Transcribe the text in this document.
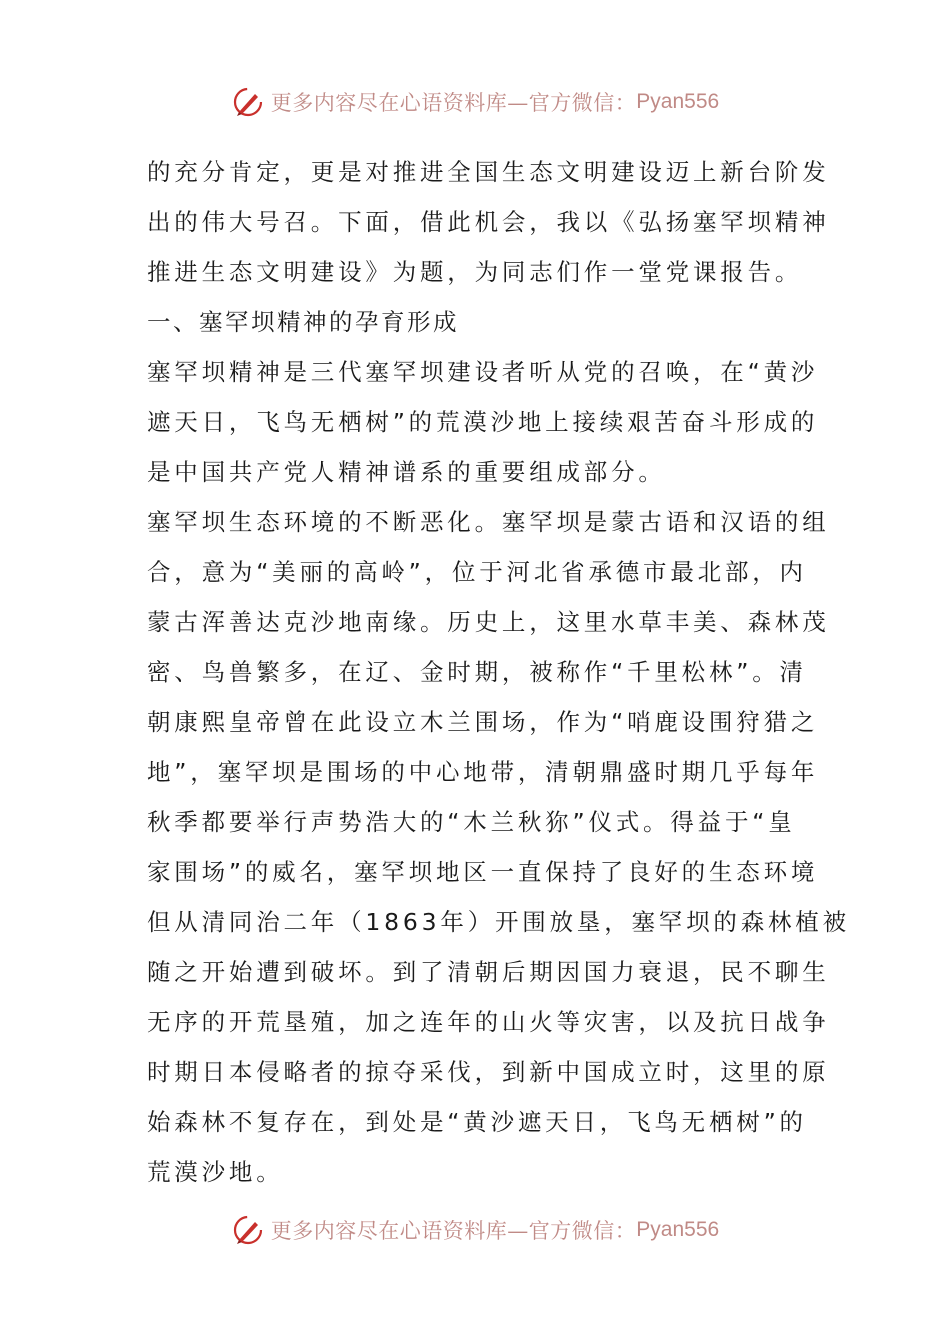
更多内容尽在心语资料库—官方微信： Pyan556
的充分肯定，更是对推进全国生态文明建设迈上新台阶发
出的伟大号召。下面，借此机会，我以《弘扬塞罕坝精神
推进生态文明建设》为题，为同志们作一堂党课报告。
一、塞罕坝精神的孕育形成
塞罕坝精神是三代塞罕坝建设者听从党的召唤，在“黄沙
遮天日，飞鸟无栖树”的荒漠沙地上接续艰苦奋斗形成的
是中国共产党人精神谱系的重要组成部分。
塞罕坝生态环境的不断恶化。塞罕坝是蒙古语和汉语的组
合，意为“美丽的高岭”，位于河北省承德市最北部，内
蒙古浑善达克沙地南缘。历史上，这里水草丰美、森林茂
密、鸟兽繁多，在辽、金时期，被称作“千里松林”。清
朝康熙皇帝曾在此设立木兰围场，作为“哨鹿设围狩猎之
地”，塞罕坝是围场的中心地带，清朝鼎盛时期几乎每年
秋季都要举行声势浩大的“木兰秋狝”仪式。得益于“皇
家围场”的威名，塞罕坝地区一直保持了良好的生态环境
但从清同治二年（1863年）开围放垦，塞罕坝的森林植被
随之开始遭到破坏。到了清朝后期因国力衰退，民不聊生
无序的开荒垦殖，加之连年的山火等灾害，以及抗日战争
时期日本侵略者的掠夺采伐，到新中国成立时，这里的原
始森林不复存在，到处是“黄沙遮天日，飞鸟无栖树”的
荒漠沙地。
更多内容尽在心语资料库—官方微信： Pyan556
